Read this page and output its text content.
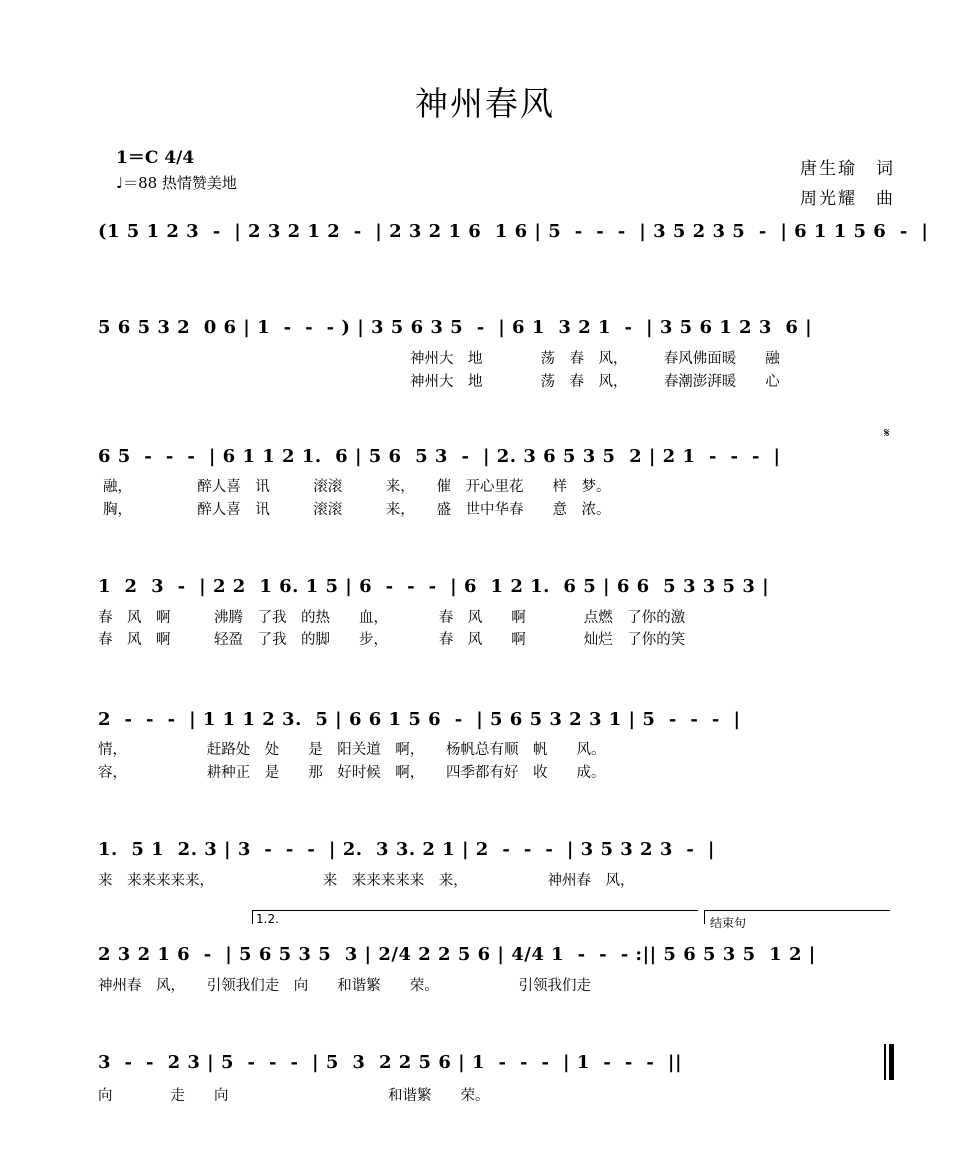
神州春风
1＝C 4/4
♩＝88 热情赞美地
唐生瑜　词
周光耀　曲
(1 5 1 2 3  -  | 2 3 2 1 2  -  | 2 3 2 1 6  1 6 | 5  -  -  -  | 3 5 2 3 5  -  | 6 1 1 5 6  -  |
5 6 5 3 2  0 6 | 1  -  -  - ) | 3 5 6 3 5  -  | 6 1  3 2 1  -  | 3 5 6 1 2 3  6 |
神州大　地　　　　荡　春　风，　　　春风佛面暖　　融
神州大　地　　　　荡　春　风，　　　春潮澎湃暖　　心
6 5  -  -  -  | 6 1 1 2 1.  6 | 5 6  5 3  -  | 2. 3 6 5 3 5  2 | 2 1  -  -  -  |
𝄋
融，　　　　　醉人喜　讯　　　滚滚　　　来，　　催　开心里花　　样　梦。
胸，　　　　　醉人喜　讯　　　滚滚　　　来，　　盛　世中华春　　意　浓。
1  2  3  -  | 2 2  1 6. 1 5 | 6  -  -  -  | 6  1 2 1.  6 5 | 6 6  5 3 3 5 3 |
春　风　啊　　　沸腾　了我　的热　　血，　　　　春　风　　啊　　　　点燃　了你的激
春　风　啊　　　轻盈　了我　的脚　　步，　　　　春　风　　啊　　　　灿烂　了你的笑
2  -  -  -  | 1 1 1 2 3.  5 | 6 6 1 5 6  -  | 5 6 5 3 2 3 1 | 5  -  -  -  |
情，　　　　　　赶路处　处　　是　阳关道　啊，　　杨帆总有顺　帆　　风。
容，　　　　　　耕种正　是　　那　好时候　啊，　　四季都有好　收　　成。
1.  5 1  2. 3 | 3  -  -  -  | 2.  3 3. 2 1 | 2  -  -  -  | 3 5 3 2 3  -  |
来　来来来来来，　　　　　　　　来　来来来来来　来，　　　　　　神州春　风，
1.2.	结束句
2 3 2 1 6  -  | 5 6 5 3 5  3 | 2/4 2 2 5 6 | 4/4 1  -  -  - :|| 5 6 5 3 5  1 2 |
神州春　风，　　引领我们走　向　　和谐繁　　荣。　　　　　　引领我们走
3  -  -  2 3 | 5  -  -  -  | 5  3  2 2 5 6 | 1  -  -  -  | 1  -  -  -  ||
向　　　　走　　向　　　　　　　　　　　和谐繁　　荣。
